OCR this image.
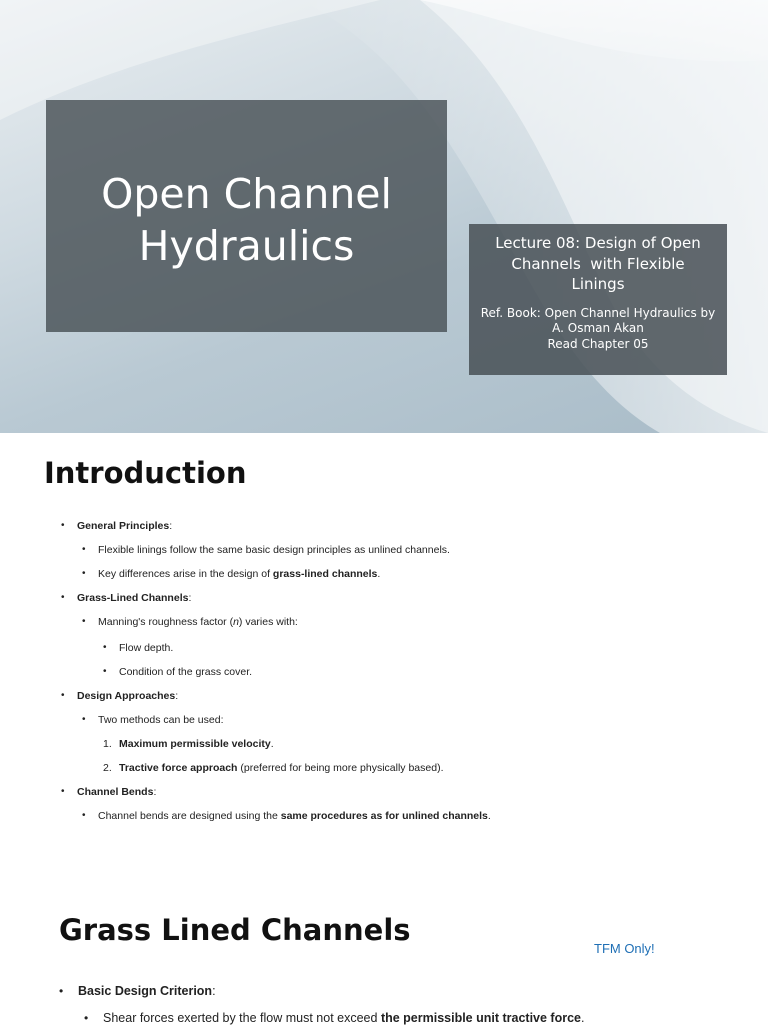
Open Channel
Hydraulics	Lecture 08: Design of Open
Channels  with Flexible
Linings
Ref. Book: Open Channel Hydraulics by
A. Osman Akan
Read Chapter 05
Introduction
• General Principles:
• Flexible linings follow the same basic design principles as unlined channels.
• Key differences arise in the design of grass-lined channels.
• Grass-Lined Channels:
• Manning's roughness factor (n) varies with:
• Flow depth.
• Condition of the grass cover.
• Design Approaches:
• Two methods can be used:
1. Maximum permissible velocity.
2. Tractive force approach (preferred for being more physically based).
• Channel Bends:
• Channel bends are designed using the same procedures as for unlined channels.
Grass Lined Channels
TFM Only!
• Basic Design Criterion:
• Shear forces exerted by the flow must not exceed the permissible unit tractive force.
